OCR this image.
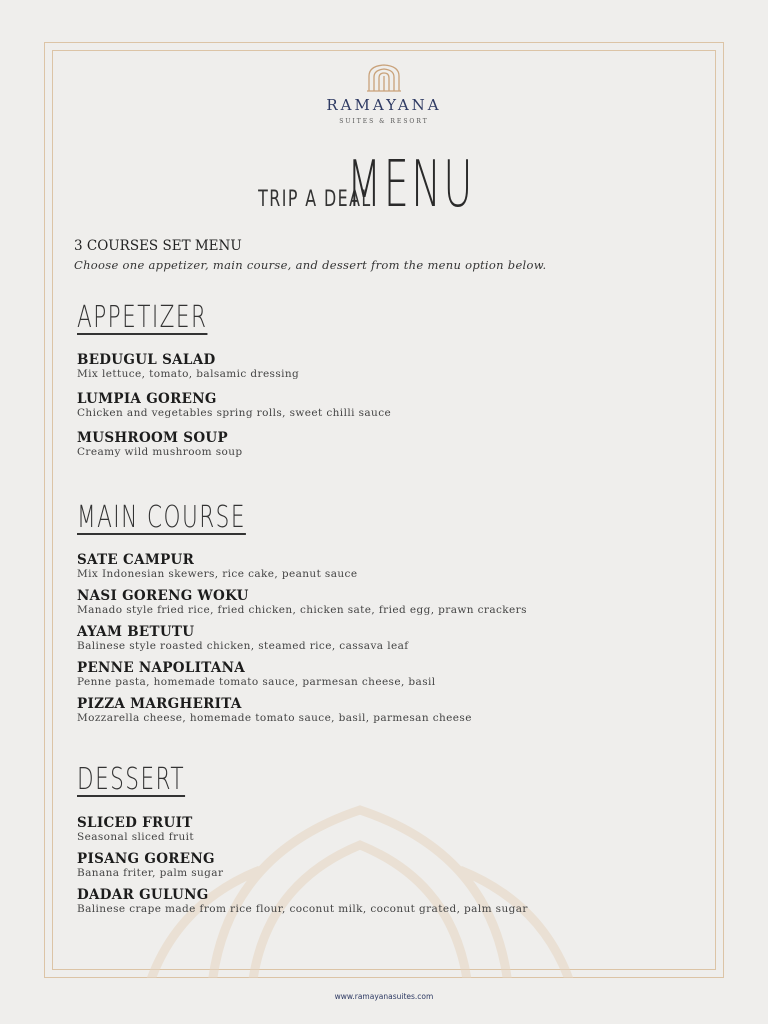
RAMAYANA
SUITES & RESORT
TRIP A DEAL MENU
3 COURSES SET MENU
Choose one appetizer, main course, and dessert from the menu option below.
APPETIZER
BEDUGUL SALAD
Mix lettuce, tomato, balsamic dressing
LUMPIA GORENG
Chicken and vegetables spring rolls, sweet chilli sauce
MUSHROOM SOUP
Creamy wild mushroom soup
MAIN COURSE
SATE CAMPUR
Mix Indonesian skewers, rice cake, peanut sauce
NASI GORENG WOKU
Manado style fried rice, fried chicken, chicken sate, fried egg, prawn crackers
AYAM BETUTU
Balinese style roasted chicken, steamed rice, cassava leaf
PENNE NAPOLITANA
Penne pasta, homemade tomato sauce, parmesan cheese, basil
PIZZA MARGHERITA
Mozzarella cheese, homemade tomato sauce, basil, parmesan cheese
DESSERT
SLICED FRUIT
Seasonal sliced fruit
PISANG GORENG
Banana friter, palm sugar
DADAR GULUNG
Balinese crape made from rice flour, coconut milk, coconut grated, palm sugar
www.ramayanasuites.com
